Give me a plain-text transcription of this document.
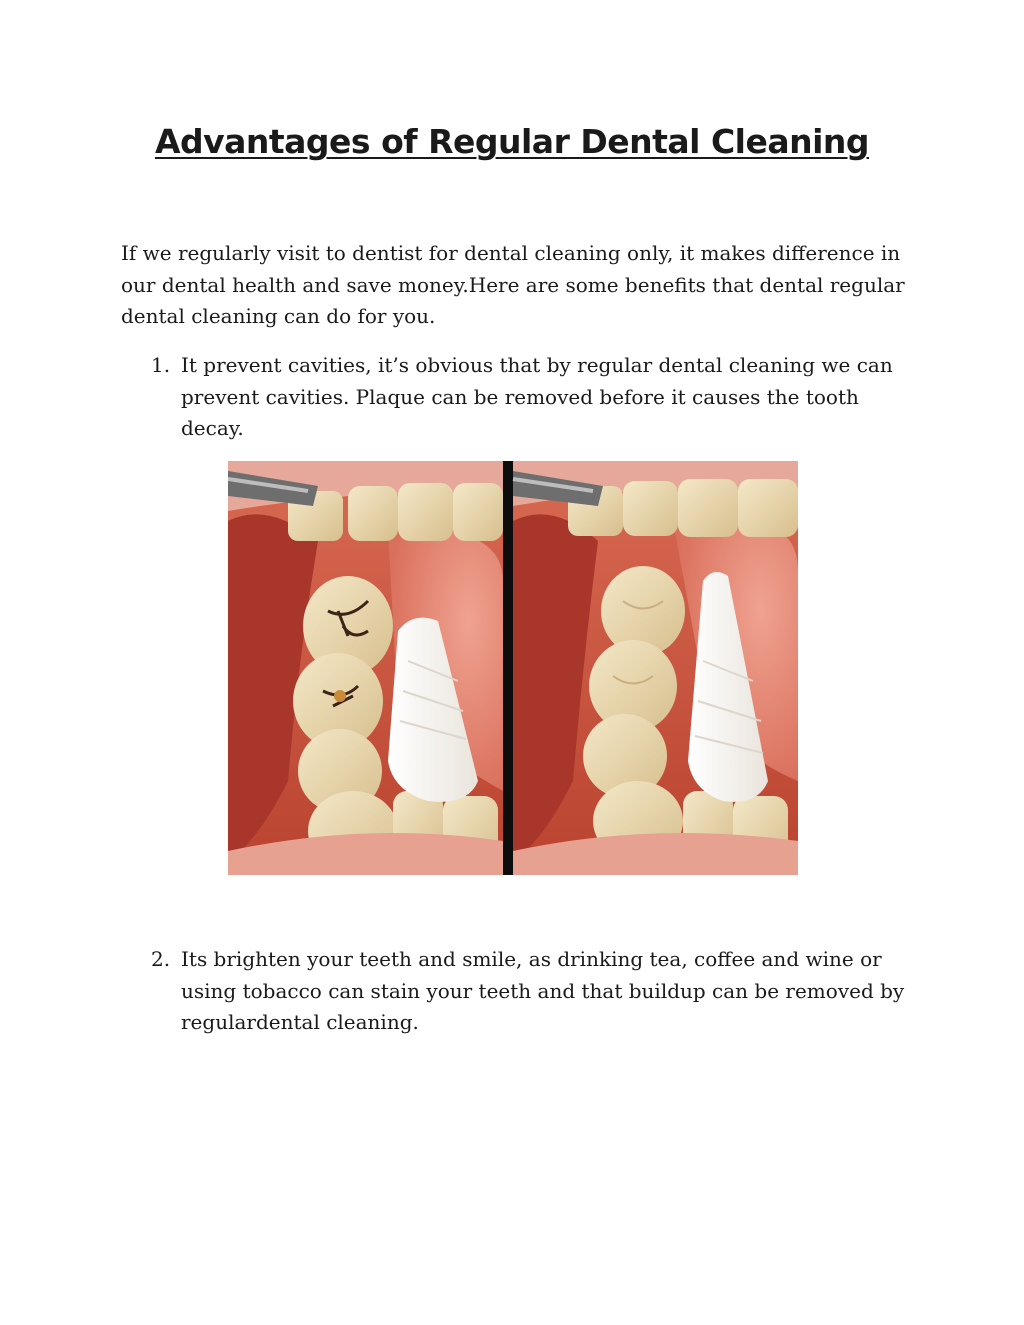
Advantages of Regular Dental Cleaning

If we regularly visit to dentist for dental cleaning only, it makes difference in our dental health and save money.Here are some benefits that dental regular dental cleaning can do for you.

1. It prevent cavities, it’s obvious that by regular dental cleaning we can prevent cavities. Plaque can be removed before it causes the tooth decay.
2. Its brighten your teeth and smile, as drinking tea, coffee and wine or using tobacco can stain your teeth and that buildup can be removed by regulardental cleaning.
